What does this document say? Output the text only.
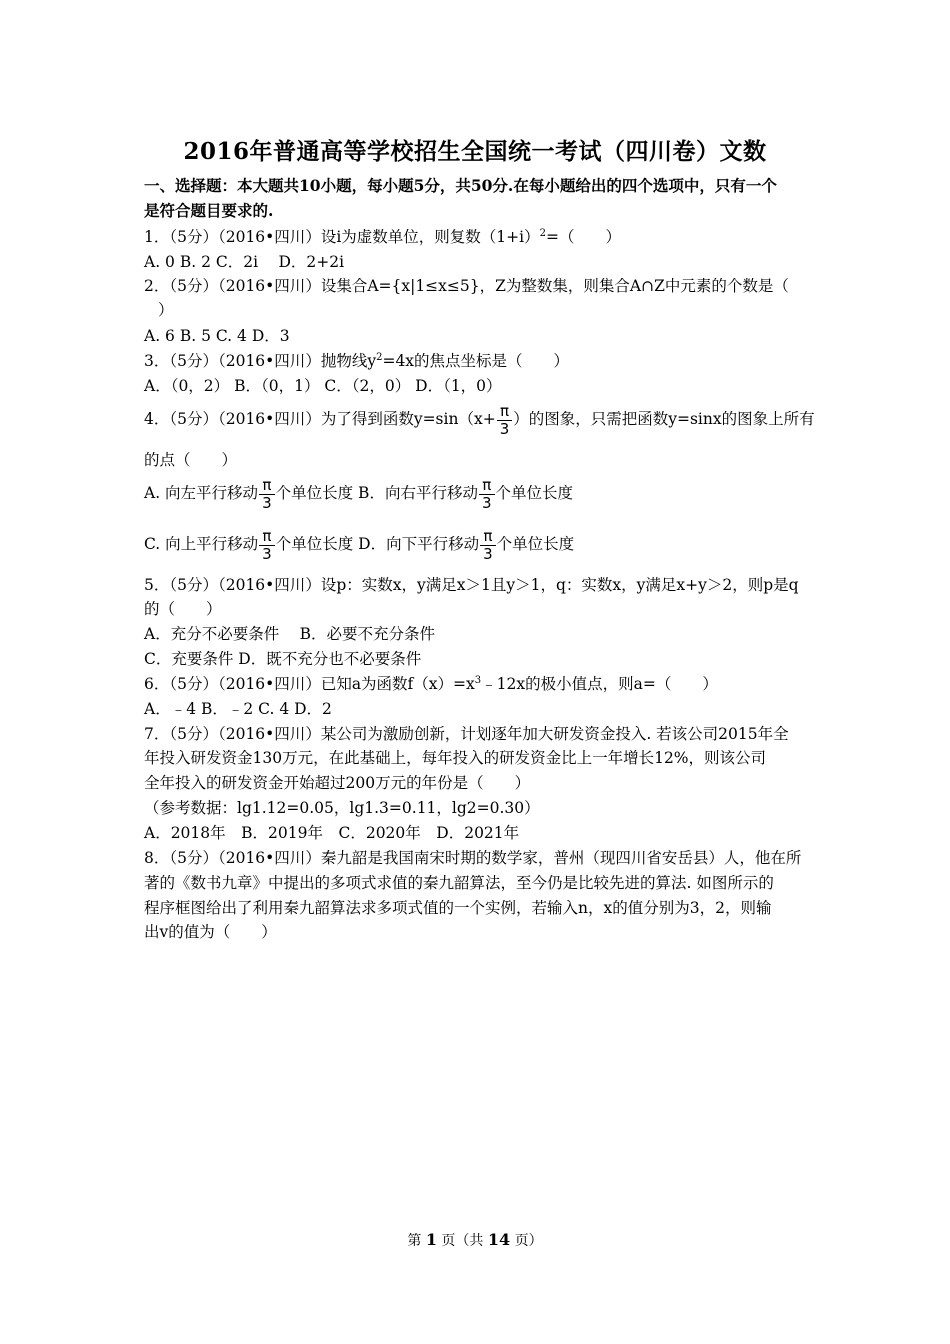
2016年普通高等学校招生全国统一考试（四川卷）文数
一、选择题：本大题共10小题，每小题5分，共50分.在每小题给出的四个选项中，只有一个
是符合题目要求的.
1．（5分）（2016•四川）设i为虚数单位，则复数$(1+i)^2=$（　　）
A. 0 B. 2 C．2i　 D．2+2i
2．（5分）（2016•四川）设集合A={x|1≤x≤5}，Z为整数集，则集合A∩Z中元素的个数是（
）
A. 6 B. 5 C. 4 D．3
3．（5分）（2016•四川）抛物线$y^2=4x$的焦点坐标是（　　）
A．（0，2） B．（0，1） C．（2，0） D．（1，0）
4．（5分）（2016•四川）为了得到函数$y=\sin(x+ \frac{\pi}{3}$ ）的图象，只需把函数y=sinx的图象上所有
的点（　　）
A. 向左平行移动 $\frac{\pi}{3}$ 个单位长度 B．向右平行移动 $\frac{\pi}{3}$ 个单位长度
C. 向上平行移动 $\frac{\pi}{3}$ 个单位长度 D．向下平行移动 $\frac{\pi}{3}$ 个单位长度
5．（5分）（2016•四川）设p：实数x，y满足x＞1且y＞1，q：实数x，y满足x+y＞2，则p是q
的（　　）
A．充分不必要条件　 B．必要不充分条件
C．充要条件 D．既不充分也不必要条件
6．（5分）（2016•四川）已知a为函数$f(x)=x^3﹣12x$的极小值点，则a=（　　）
A．﹣4 B．﹣2 C. 4 D．2
7．（5分）（2016•四川）某公司为激励创新，计划逐年加大研发资金投入. 若该公司2015年全
年投入研发资金130万元，在此基础上，每年投入的研发资金比上一年增长12%，则该公司
全年投入的研发资金开始超过200万元的年份是（　　）
（参考数据：lg1.12=0.05，lg1.3=0.11，lg2=0.30）
A．2018年　B．2019年　C．2020年　D．2021年
8．（5分）（2016•四川）秦九韶是我国南宋时期的数学家，普州（现四川省安岳县）人，他在所
著的《数书九章》中提出的多项式求值的秦九韶算法，至今仍是比较先进的算法. 如图所示的
程序框图给出了利用秦九韶算法求多项式值的一个实例，若输入n，x的值分别为3，2，则输
出v的值为（　　）
第 1 页（共 14 页）
